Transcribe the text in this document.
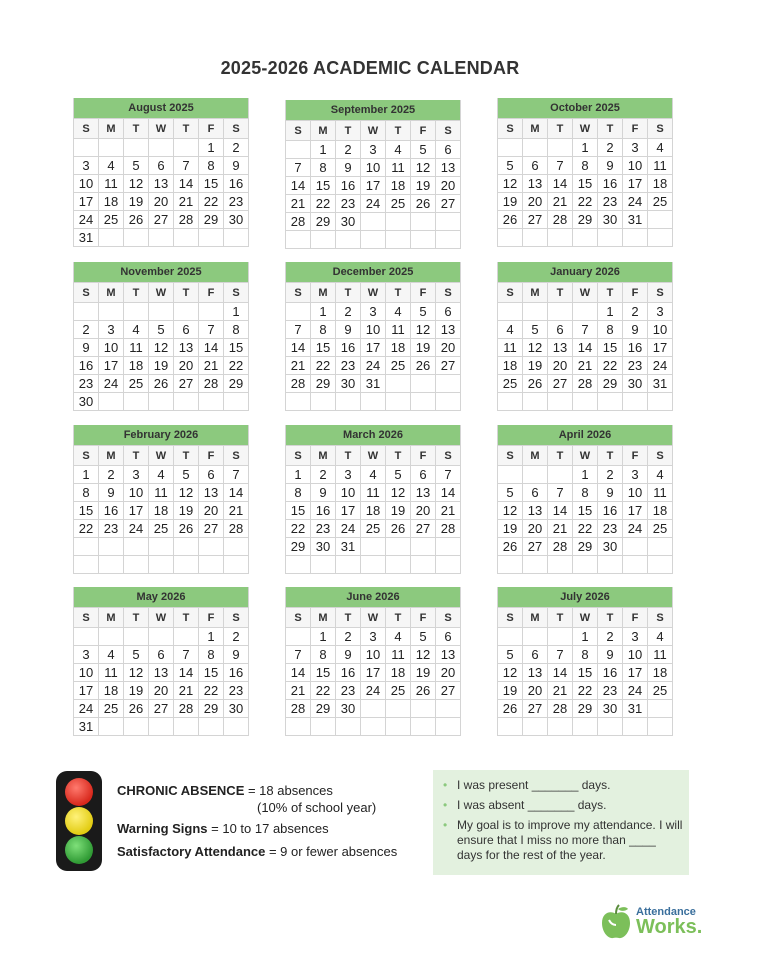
2025-2026 ACADEMIC CALENDAR
August 2025
S	M	T	W	T	F	S
					1	2
3	4	5	6	7	8	9
10	11	12	13	14	15	16
17	18	19	20	21	22	23
24	25	26	27	28	29	30
31						
September 2025
S	M	T	W	T	F	S
	1	2	3	4	5	6
7	8	9	10	11	12	13
14	15	16	17	18	19	20
21	22	23	24	25	26	27
28	29	30				

October 2025
S	M	T	W	T	F	S
			1	2	3	4
5	6	7	8	9	10	11
12	13	14	15	16	17	18
19	20	21	22	23	24	25
26	27	28	29	30	31	

November 2025
S	M	T	W	T	F	S
						1
2	3	4	5	6	7	8
9	10	11	12	13	14	15
16	17	18	19	20	21	22
23	24	25	26	27	28	29
30						
December 2025
S	M	T	W	T	F	S
	1	2	3	4	5	6
7	8	9	10	11	12	13
14	15	16	17	18	19	20
21	22	23	24	25	26	27
28	29	30	31			

January 2026
S	M	T	W	T	F	S
				1	2	3
4	5	6	7	8	9	10
11	12	13	14	15	16	17
18	19	20	21	22	23	24
25	26	27	28	29	30	31

February 2026
S	M	T	W	T	F	S
1	2	3	4	5	6	7
8	9	10	11	12	13	14
15	16	17	18	19	20	21
22	23	24	25	26	27	28

March 2026
S	M	T	W	T	F	S
1	2	3	4	5	6	7
8	9	10	11	12	13	14
15	16	17	18	19	20	21
22	23	24	25	26	27	28
29	30	31				

April 2026
S	M	T	W	T	F	S
			1	2	3	4
5	6	7	8	9	10	11
12	13	14	15	16	17	18
19	20	21	22	23	24	25
26	27	28	29	30		

May 2026
S	M	T	W	T	F	S
					1	2
3	4	5	6	7	8	9
10	11	12	13	14	15	16
17	18	19	20	21	22	23
24	25	26	27	28	29	30
31						
June 2026
S	M	T	W	T	F	S
	1	2	3	4	5	6
7	8	9	10	11	12	13
14	15	16	17	18	19	20
21	22	23	24	25	26	27
28	29	30				

July 2026
S	M	T	W	T	F	S
			1	2	3	4
5	6	7	8	9	10	11
12	13	14	15	16	17	18
19	20	21	22	23	24	25
26	27	28	29	30	31	

CHRONIC ABSENCE = 18 absences
(10% of school year)
Warning Signs = 10 to 17 absences
Satisfactory Attendance = 9 or fewer absences
• I was present _______ days.
• I was absent _______ days.
• My goal is to improve my attendance. I will ensure that I miss no more than ____ days for the rest of the year.
Attendance
Works.
